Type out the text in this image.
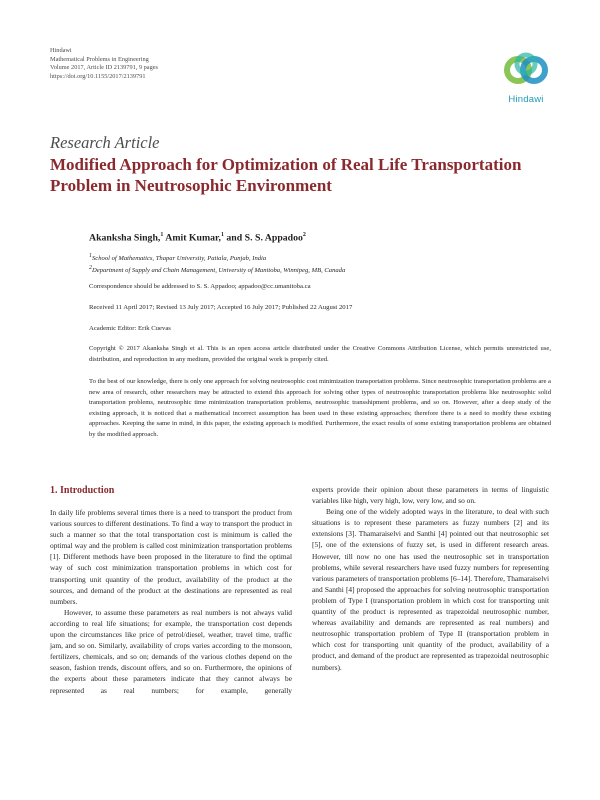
Hindawi
Mathematical Problems in Engineering
Volume 2017, Article ID 2139791, 9 pages
https://doi.org/10.1155/2017/2139791
Hindawi
Research Article
Modified Approach for Optimization of Real Life Transportation Problem in Neutrosophic Environment
Akanksha Singh,$^1$ Amit Kumar,$^1$ and S. S. Appadoo$^2$
$^1$School of Mathematics, Thapar University, Patiala, Punjab, India
$^2$Department of Supply and Chain Management, University of Manitoba, Winnipeg, MB, Canada
Correspondence should be addressed to S. S. Appadoo; appadoo@cc.umanitoba.ca
Received 11 April 2017; Revised 13 July 2017; Accepted 16 July 2017; Published 22 August 2017
Academic Editor: Erik Cuevas
Copyright © 2017 Akanksha Singh et al. This is an open access article distributed under the Creative Commons Attribution License, which permits unrestricted use, distribution, and reproduction in any medium, provided the original work is properly cited.
To the best of our knowledge, there is only one approach for solving neutrosophic cost minimization transportation problems. Since neutrosophic transportation problems are a new area of research, other researchers may be attracted to extend this approach for solving other types of neutrosophic transportation problems like neutrosophic solid transportation problems, neutrosophic time minimization transportation problems, neutrosophic transshipment problems, and so on. However, after a deep study of the existing approach, it is noticed that a mathematical incorrect assumption has been used in these existing approaches; therefore there is a need to modify these existing approaches. Keeping the same in mind, in this paper, the existing approach is modified. Furthermore, the exact results of some existing transportation problems are obtained by the modified approach.
1. Introduction

In daily life problems several times there is a need to transport the product from various sources to different destinations. To find a way to transport the product in such a manner so that the total transportation cost is minimum is called the optimal way and the problem is called cost minimization transportation problems [1]. Different methods have been proposed in the literature to find the optimal way of such cost minimization transportation problems in which cost for transporting unit quantity of the product, availability of the product at the sources, and demand of the product at the destinations are represented as real numbers.

However, to assume these parameters as real numbers is not always valid according to real life situations; for example, the transportation cost depends upon the circumstances like price of petrol/diesel, weather, travel time, traffic jam, and so on. Similarly, availability of crops varies according to the monsoon, fertilizers, chemicals, and so on; demands of the various clothes depend on the season, fashion trends, discount offers, and so on. Furthermore, the opinions of the experts about these parameters indicate that they cannot always be represented as real numbers; for example, generally

experts provide their opinion about these parameters in terms of linguistic variables like high, very high, low, very low, and so on.

Being one of the widely adopted ways in the literature, to deal with such situations is to represent these parameters as fuzzy numbers [2] and its extensions [3]. Thamaraiselvi and Santhi [4] pointed out that neutrosophic set [5], one of the extensions of fuzzy set, is used in different research areas. However, till now no one has used the neutrosophic set in transportation problems, while several researchers have used fuzzy numbers for representing various parameters of transportation problems [6–14]. Therefore, Thamaraiselvi and Santhi [4] proposed the approaches for solving neutrosophic transportation problem of Type I (transportation problem in which cost for transporting unit quantity of the product is represented as trapezoidal neutrosophic number, whereas availability and demands are represented as real numbers) and neutrosophic transportation problem of Type II (transportation problem in which cost for transporting unit quantity of the product, availability of a product, and demand of the product are represented as trapezoidal neutrosophic numbers).
